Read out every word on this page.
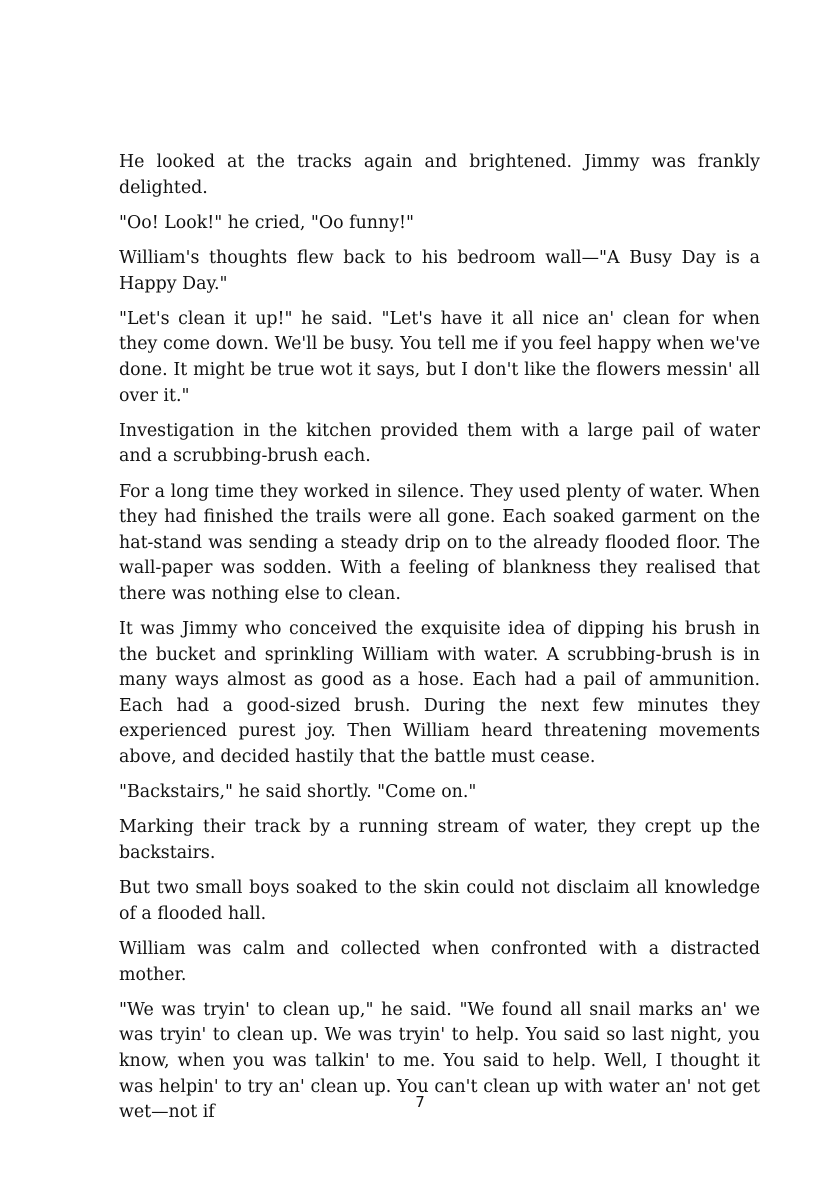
He looked at the tracks again and brightened. Jimmy was frankly delighted.

"Oo! Look!" he cried, "Oo funny!"

William's thoughts flew back to his bedroom wall—"A Busy Day is a Happy Day."

"Let's clean it up!" he said. "Let's have it all nice an' clean for when they come down. We'll be busy. You tell me if you feel happy when we've done. It might be true wot it says, but I don't like the flowers messin' all over it."

Investigation in the kitchen provided them with a large pail of water and a scrubbing-brush each.

For a long time they worked in silence. They used plenty of water. When they had finished the trails were all gone. Each soaked garment on the hat-stand was sending a steady drip on to the already flooded floor. The wall-paper was sodden. With a feeling of blankness they realised that there was nothing else to clean.

It was Jimmy who conceived the exquisite idea of dipping his brush in the bucket and sprinkling William with water. A scrubbing-brush is in many ways almost as good as a hose. Each had a pail of ammunition. Each had a good-sized brush. During the next few minutes they experienced purest joy. Then William heard threatening movements above, and decided hastily that the battle must cease.

"Backstairs," he said shortly. "Come on."

Marking their track by a running stream of water, they crept up the backstairs.

But two small boys soaked to the skin could not disclaim all knowledge of a flooded hall.

William was calm and collected when confronted with a distracted mother.

"We was tryin' to clean up," he said. "We found all snail marks an' we was tryin' to clean up. We was tryin' to help. You said so last night, you know, when you was talkin' to me. You said to help. Well, I thought it was helpin' to try an' clean up. You can't clean up with water an' not get wet—not if

7
